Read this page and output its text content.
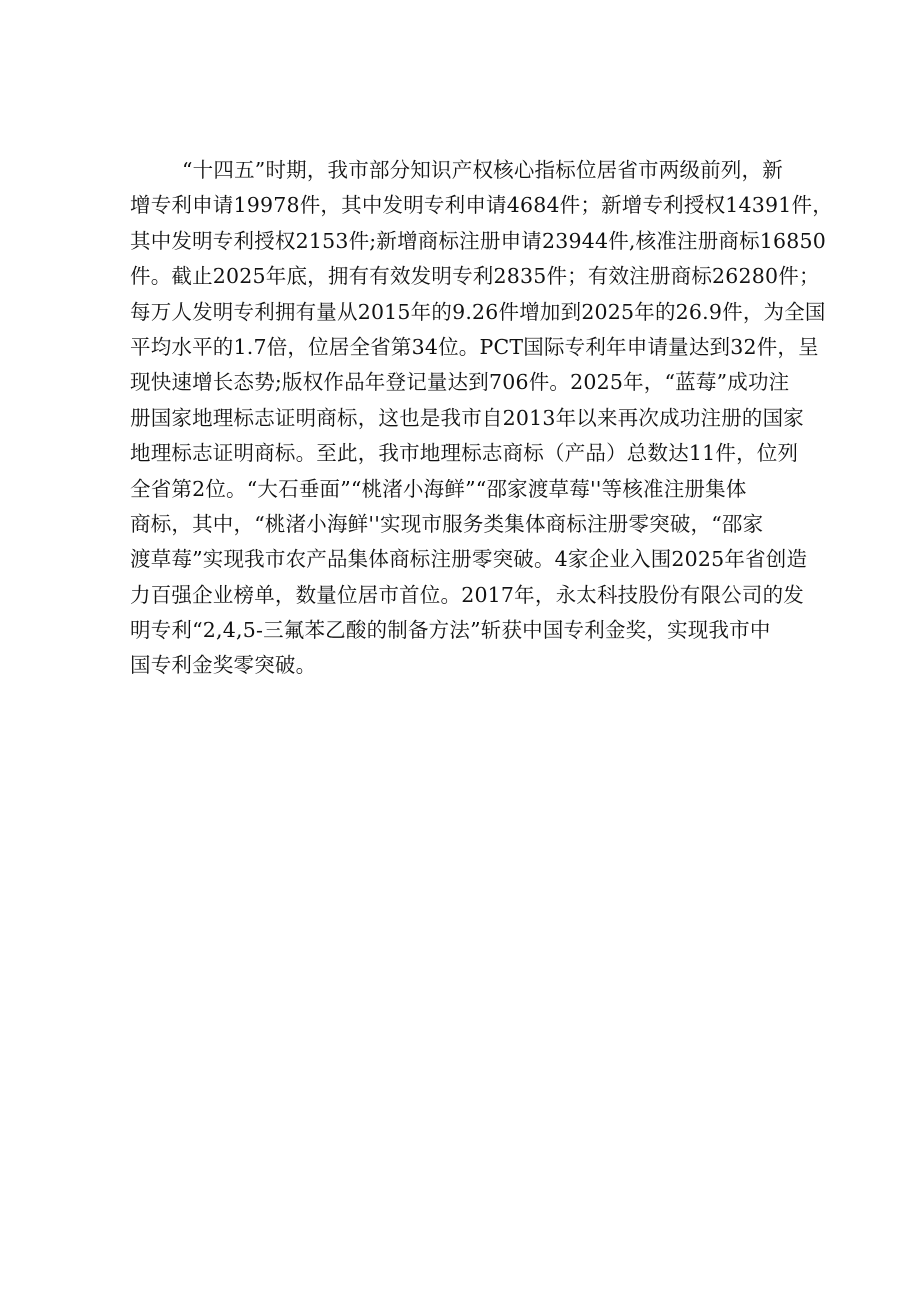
“十四五”时期，我市部分知识产权核心指标位居省市两级前列，新
增专利申请19978件，其中发明专利申请4684件；新增专利授权14391件，
其中发明专利授权2153件;新增商标注册申请23944件,核准注册商标16850
件。截止2025年底，拥有有效发明专利2835件；有效注册商标26280件；
每万人发明专利拥有量从2015年的9.26件增加到2025年的26.9件，为全国
平均水平的1.7倍，位居全省第34位。PCT国际专利年申请量达到32件，呈
现快速增长态势;版权作品年登记量达到706件。2025年，“蓝莓”成功注
册国家地理标志证明商标，这也是我市自2013年以来再次成功注册的国家
地理标志证明商标。至此，我市地理标志商标（产品）总数达11件，位列
全省第2位。“大石垂面”“桃渚小海鲜”“邵家渡草莓''等核准注册集体
商标，其中，“桃渚小海鲜''实现市服务类集体商标注册零突破，“邵家
渡草莓”实现我市农产品集体商标注册零突破。4家企业入围2025年省创造
力百强企业榜单，数量位居市首位。2017年，永太科技股份有限公司的发
明专利“2,4,5-三氟苯乙酸的制备方法”斩获中国专利金奖，实现我市中
国专利金奖零突破。
